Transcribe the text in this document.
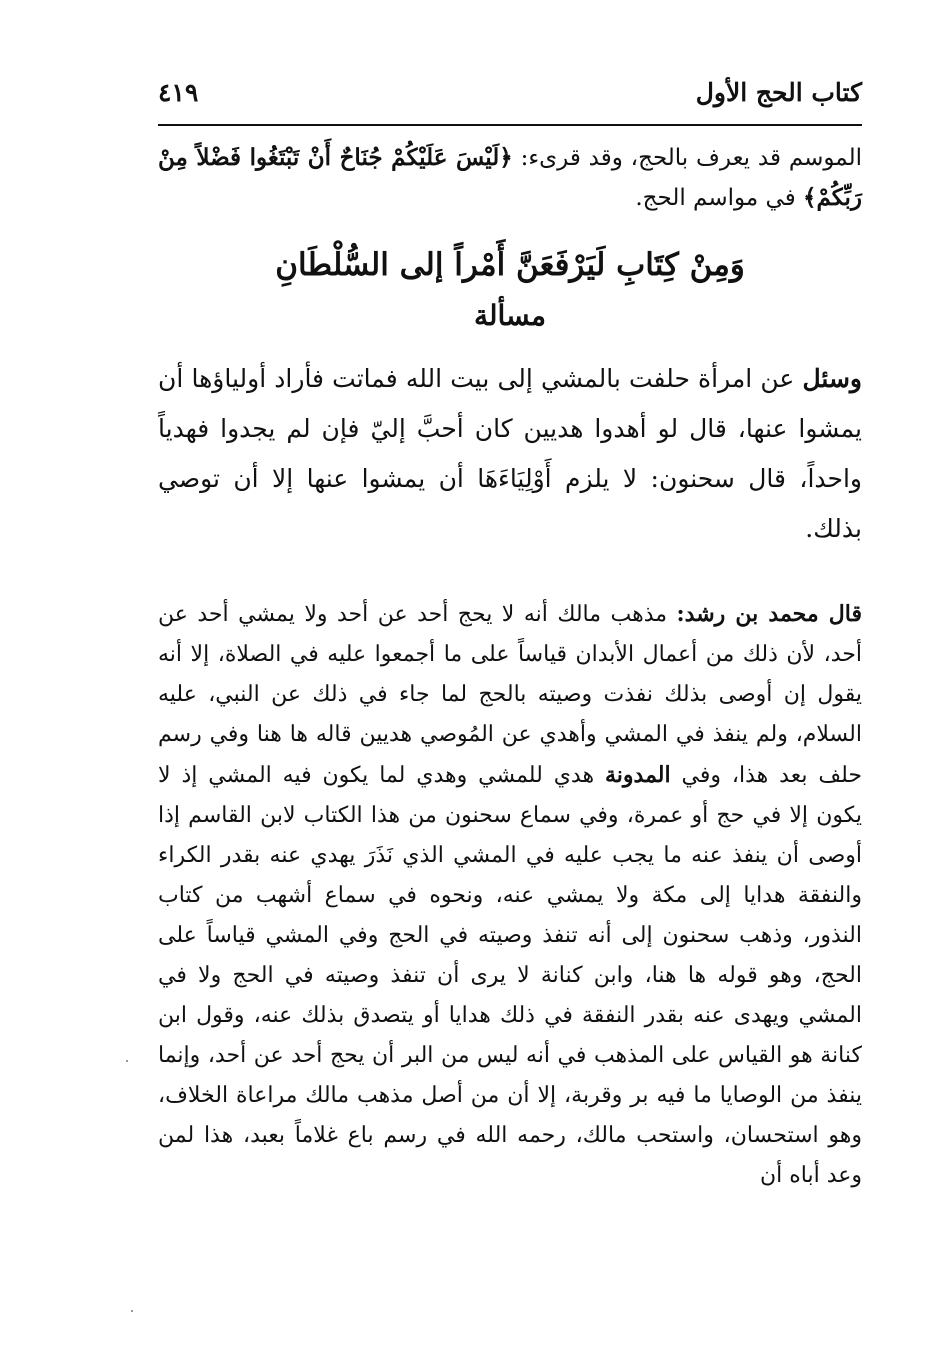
كتاب الحج الأول
٤١٩

الموسم قد يعرف بالحج، وقد قرىء: ﴿لَيْسَ عَلَيْكُمْ جُنَاحٌ أَنْ تَبْتَغُوا فَضْلاً مِنْ رَبِّكُمْ﴾ في مواسم الحج.

وَمِنْ كِتَابِ لَيَرْفَعَنَّ أَمْراً إلى السُّلْطَانِ
مسألة

وسئل عن امرأة حلفت بالمشي إلى بيت الله فماتت فأراد أولياؤها أن يمشوا عنها، قال لو أهدوا هديين كان أحبَّ إليّ فإن لم يجدوا فهدياً واحداً، قال سحنون: لا يلزم أَوْلِيَاءَهَا أن يمشوا عنها إلا أن توصي بذلك.

قال محمد بن رشد: مذهب مالك أنه لا يحج أحد عن أحد ولا يمشي أحد عن أحد، لأن ذلك من أعمال الأبدان قياساً على ما أجمعوا عليه في الصلاة، إلا أنه يقول إن أوصى بذلك نفذت وصيته بالحج لما جاء في ذلك عن النبي، عليه السلام، ولم ينفذ في المشي وأهدي عن المُوصي هديين قاله ها هنا وفي رسم حلف بعد هذا، وفي المدونة هدي للمشي وهدي لما يكون فيه المشي إذ لا يكون إلا في حج أو عمرة، وفي سماع سحنون من هذا الكتاب لابن القاسم إذا أوصى أن ينفذ عنه ما يجب عليه في المشي الذي نَذَرَ يهدي عنه بقدر الكراء والنفقة هدايا إلى مكة ولا يمشي عنه، ونحوه في سماع أشهب من كتاب النذور، وذهب سحنون إلى أنه تنفذ وصيته في الحج وفي المشي قياساً على الحج، وهو قوله ها هنا، وابن كنانة لا يرى أن تنفذ وصيته في الحج ولا في المشي ويهدى عنه بقدر النفقة في ذلك هدايا أو يتصدق بذلك عنه، وقول ابن كنانة هو القياس على المذهب في أنه ليس من البر أن يحج أحد عن أحد، وإنما ينفذ من الوصايا ما فيه بر وقربة، إلا أن من أصل مذهب مالك مراعاة الخلاف، وهو استحسان، واستحب مالك، رحمه الله في رسم باع غلاماً بعبد، هذا لمن وعد أباه أن
